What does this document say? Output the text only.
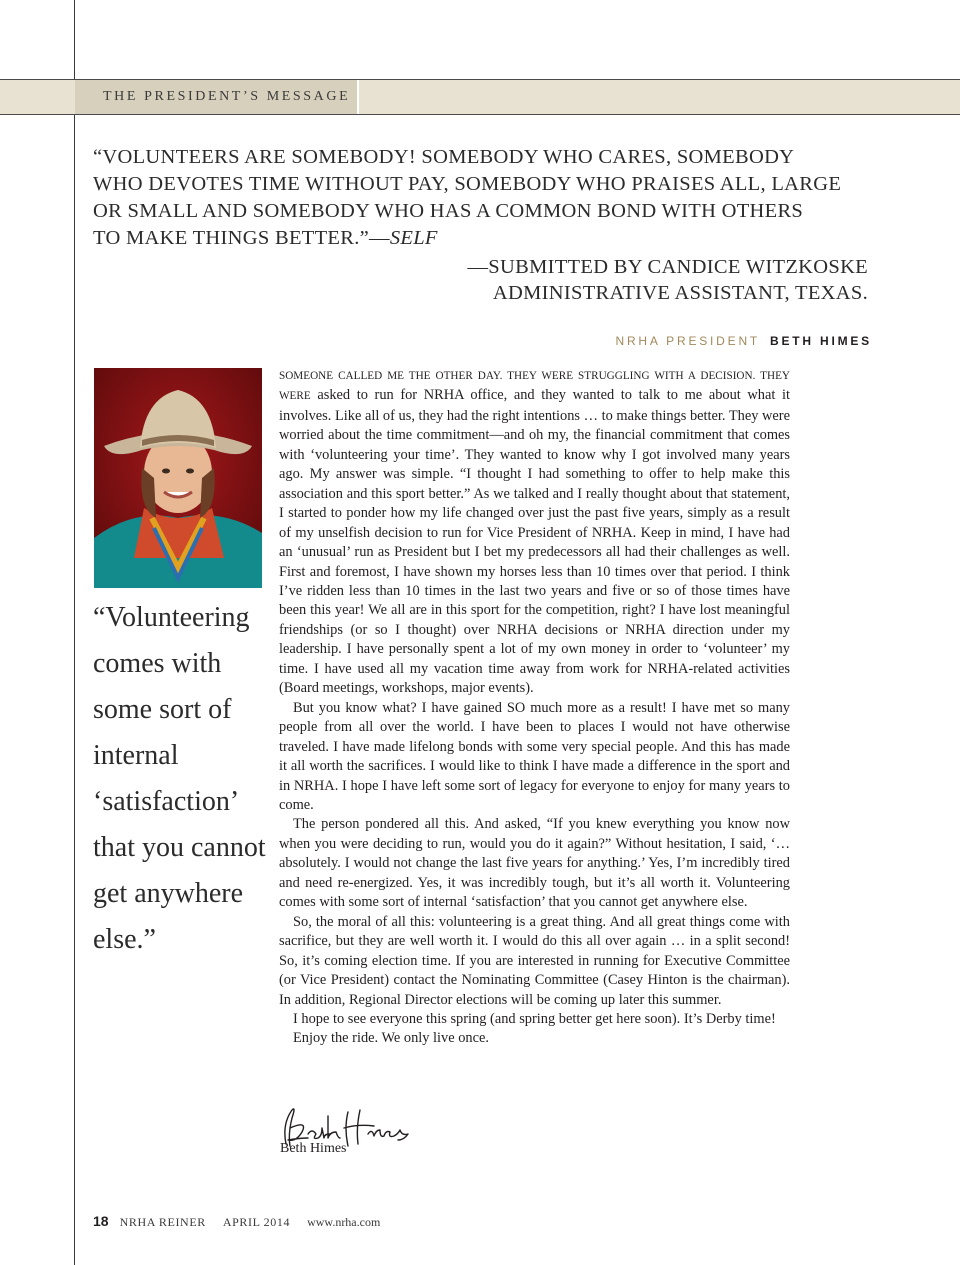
THE PRESIDENT’S MESSAGE
“VOLUNTEERS ARE SOMEBODY! SOMEBODY WHO CARES, SOMEBODY
WHO DEVOTES TIME WITHOUT PAY, SOMEBODY WHO PRAISES ALL, LARGE
OR SMALL AND SOMEBODY WHO HAS A COMMON BOND WITH OTHERS
TO MAKE THINGS BETTER.”—SELF
—SUBMITTED BY CANDICE WITZKOSKE
ADMINISTRATIVE ASSISTANT, TEXAS.
NRHA PRESIDENT BETH HIMES
“Volunteering comes with some sort of internal ‘satisfaction’ that you cannot get anywhere else.”

SOMEONE CALLED ME THE OTHER DAY. THEY WERE STRUGGLING WITH A DECISION. THEY WERE asked to run for NRHA office, and they wanted to talk to me about what it involves. Like all of us, they had the right intentions … to make things better. They were worried about the time commitment—and oh my, the financial commitment that comes with ‘volunteering your time’. They wanted to know why I got involved many years ago. My answer was simple. “I thought I had something to offer to help make this association and this sport better.” As we talked and I really thought about that statement, I started to ponder how my life changed over just the past five years, simply as a result of my unselfish decision to run for Vice President of NRHA. Keep in mind, I have had an ‘unusual’ run as President but I bet my predecessors all had their challenges as well. First and foremost, I have shown my horses less than 10 times over that period. I think I’ve ridden less than 10 times in the last two years and five or so of those times have been this year! We all are in this sport for the competition, right? I have lost meaningful friendships (or so I thought) over NRHA decisions or NRHA direction under my leadership. I have personally spent a lot of my own money in order to ‘volunteer’ my time. I have used all my vacation time away from work for NRHA-related activities (Board meetings, workshops, major events).

But you know what? I have gained SO much more as a result! I have met so many people from all over the world. I have been to places I would not have otherwise traveled. I have made lifelong bonds with some very special people. And this has made it all worth the sacrifices. I would like to think I have made a difference in the sport and in NRHA. I hope I have left some sort of legacy for everyone to enjoy for many years to come.

The person pondered all this. And asked, “If you knew everything you know now when you were deciding to run, would you do it again?” Without hesitation, I said, ‘… absolutely. I would not change the last five years for anything.’ Yes, I’m incredibly tired and need re-energized. Yes, it was incredibly tough, but it’s all worth it. Volunteering comes with some sort of internal ‘satisfaction’ that you cannot get anywhere else.

So, the moral of all this: volunteering is a great thing. And all great things come with sacrifice, but they are well worth it. I would do this all over again … in a split second! So, it’s coming election time. If you are interested in running for Executive Committee (or Vice President) contact the Nominating Committee (Casey Hinton is the chairman). In addition, Regional Director elections will be coming up later this summer.

I hope to see everyone this spring (and spring better get here soon). It’s Derby time!

Enjoy the ride. We only live once.

Beth Himes
18 NRHA REINER APRIL 2014 www.nrha.com
